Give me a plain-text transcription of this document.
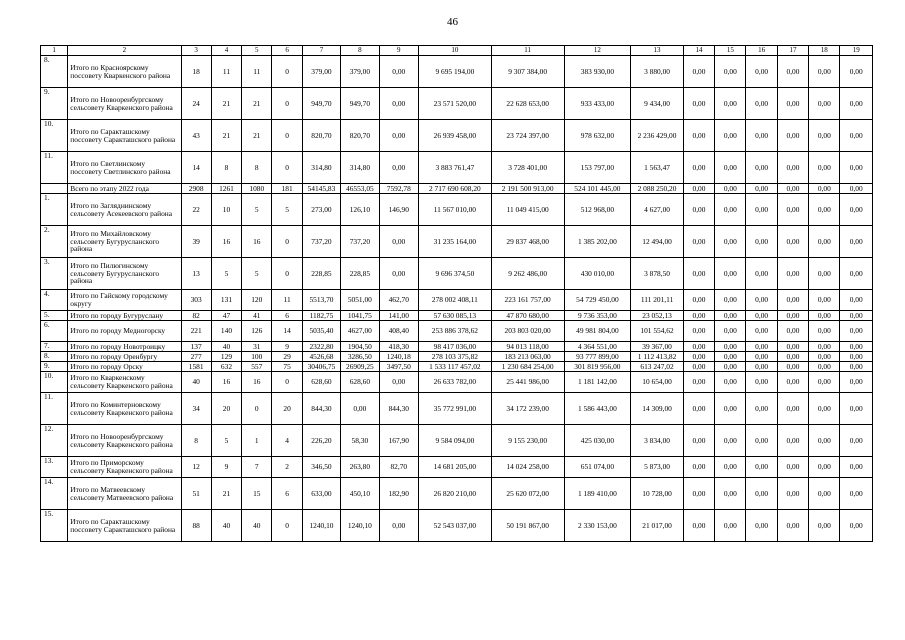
46
1	2	3	4	5	6	7	8	9	10	11	12	13	14	15	16	17	18	19
8.	Итого по Красноярскому поссовету Кваркенского района	18	11	11	0	379,00	379,00	0,00	9 695 194,00	9 307 384,00	383 930,00	3 880,00	0,00	0,00	0,00	0,00	0,00	0,00
9.	Итого по Новооренбургскому сельсовету Кваркенского района	24	21	21	0	949,70	949,70	0,00	23 571 520,00	22 628 653,00	933 433,00	9 434,00	0,00	0,00	0,00	0,00	0,00	0,00
10.	Итого по Саракташскому поссовету Саракташского района	43	21	21	0	820,70	820,70	0,00	26 939 458,00	23 724 397,00	978 632,00	2 236 429,00	0,00	0,00	0,00	0,00	0,00	0,00
11.	Итого по Светлинскому поссовету Светлинского района	14	8	8	0	314,80	314,80	0,00	3 883 761,47	3 728 401,00	153 797,00	1 563,47	0,00	0,00	0,00	0,00	0,00	0,00
	Всего по этапу 2022 года	2908	1261	1080	181	54145,83	46553,05	7592,78	2 717 690 608,20	2 191 500 913,00	524 101 445,00	2 088 250,20	0,00	0,00	0,00	0,00	0,00	0,00
1.	Итого по Загляднинскому сельсовету Асекеевского района	22	10	5	5	273,00	126,10	146,90	11 567 010,00	11 049 415,00	512 968,00	4 627,00	0,00	0,00	0,00	0,00	0,00	0,00
2.	Итого по Михайловскому сельсовету Бугурусланского района	39	16	16	0	737,20	737,20	0,00	31 235 164,00	29 837 468,00	1 385 202,00	12 494,00	0,00	0,00	0,00	0,00	0,00	0,00
3.	Итого по Пилюгинскому сельсовету Бугурусланского района	13	5	5	0	228,85	228,85	0,00	9 696 374,50	9 262 486,00	430 010,00	3 878,50	0,00	0,00	0,00	0,00	0,00	0,00
4.	Итого по Гайскому городскому округу	303	131	120	11	5513,70	5051,00	462,70	278 002 408,11	223 161 757,00	54 729 450,00	111 201,11	0,00	0,00	0,00	0,00	0,00	0,00
5.	Итого по городу Бугуруслану	82	47	41	6	1182,75	1041,75	141,00	57 630 085,13	47 870 680,00	9 736 353,00	23 052,13	0,00	0,00	0,00	0,00	0,00	0,00
6.	Итого по городу Медногорску	221	140	126	14	5035,40	4627,00	408,40	253 886 378,62	203 803 020,00	49 981 804,00	101 554,62	0,00	0,00	0,00	0,00	0,00	0,00
7.	Итого по городу Новотроицку	137	40	31	9	2322,80	1904,50	418,30	98 417 036,00	94 013 118,00	4 364 551,00	39 367,00	0,00	0,00	0,00	0,00	0,00	0,00
8.	Итого по городу Оренбургу	277	129	100	29	4526,68	3286,50	1240,18	278 103 375,82	183 213 063,00	93 777 899,00	1 112 413,82	0,00	0,00	0,00	0,00	0,00	0,00
9.	Итого по городу Орску	1581	632	557	75	30406,75	26909,25	3497,50	1 533 117 457,02	1 230 684 254,00	301 819 956,00	613 247,02	0,00	0,00	0,00	0,00	0,00	0,00
10.	Итого по Кваркенскому сельсовету Кваркенского района	40	16	16	0	628,60	628,60	0,00	26 633 782,00	25 441 986,00	1 181 142,00	10 654,00	0,00	0,00	0,00	0,00	0,00	0,00
11.	Итого по Коминтерновскому сельсовету Кваркенского района	34	20	0	20	844,30	0,00	844,30	35 772 991,00	34 172 239,00	1 586 443,00	14 309,00	0,00	0,00	0,00	0,00	0,00	0,00
12.	Итого по Новооренбургскому сельсовету Кваркенского района	8	5	1	4	226,20	58,30	167,90	9 584 094,00	9 155 230,00	425 030,00	3 834,00	0,00	0,00	0,00	0,00	0,00	0,00
13.	Итого по Приморскому сельсовету Кваркенского района	12	9	7	2	346,50	263,80	82,70	14 681 205,00	14 024 258,00	651 074,00	5 873,00	0,00	0,00	0,00	0,00	0,00	0,00
14.	Итого по Матвеевскому сельсовету Матвеевского района	51	21	15	6	633,00	450,10	182,90	26 820 210,00	25 620 072,00	1 189 410,00	10 728,00	0,00	0,00	0,00	0,00	0,00	0,00
15.	Итого по Саракташскому поссовету Саракташского района	88	40	40	0	1240,10	1240,10	0,00	52 543 037,00	50 191 867,00	2 330 153,00	21 017,00	0,00	0,00	0,00	0,00	0,00	0,00
